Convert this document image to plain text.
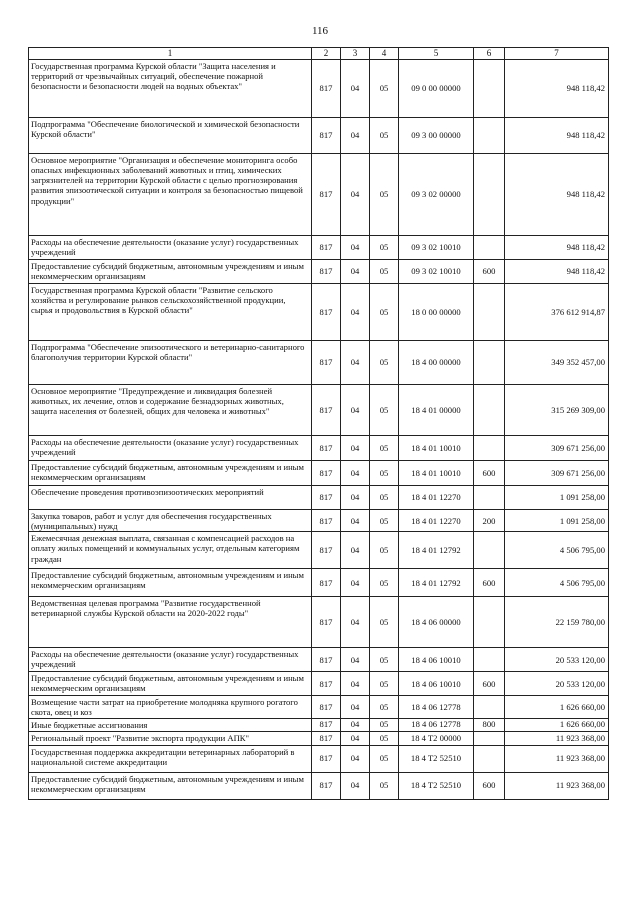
116
1	2	3	4	5	6	7
Государственная программа Курской области "Защита населения и территорий от чрезвычайных ситуаций, обеспечение пожарной безопасности и безопасности людей на водных объектах"	817	04	05	09 0 00 00000		948 118,42
Подпрограмма "Обеспечение биологической и химической безопасности Курской области"	817	04	05	09 3 00 00000		948 118,42
Основное мероприятие "Организация и обеспечение мониторинга особо опасных инфекционных заболеваний животных и птиц, химических загрязнителей на территории Курской области с целью прогнозирования развития эпизоотической ситуации и контроля за безопасностью пищевой продукции"	817	04	05	09 3 02 00000		948 118,42
Расходы на обеспечение деятельности (оказание услуг) государственных учреждений	817	04	05	09 3 02 10010		948 118,42
Предоставление субсидий бюджетным, автономным учреждениям и иным некоммерческим организациям	817	04	05	09 3 02 10010	600	948 118,42
Государственная программа Курской области "Развитие сельского хозяйства и регулирование рынков сельскохозяйственной продукции, сырья и продовольствия в Курской области"	817	04	05	18 0 00 00000		376 612 914,87
Подпрограмма "Обеспечение эпизоотического и ветеринарно-санитарного благополучия территории Курской области"	817	04	05	18 4 00 00000		349 352 457,00
Основное мероприятие "Предупреждение и ликвидация болезней животных, их лечение, отлов и содержание безнадзорных животных, защита населения от болезней, общих для человека и животных"	817	04	05	18 4 01 00000		315 269 309,00
Расходы на обеспечение деятельности (оказание услуг) государственных учреждений	817	04	05	18 4 01 10010		309 671 256,00
Предоставление субсидий бюджетным, автономным учреждениям и иным некоммерческим организациям	817	04	05	18 4 01 10010	600	309 671 256,00
Обеспечение проведения противоэпизоотических мероприятий	817	04	05	18 4 01 12270		1 091 258,00
Закупка товаров, работ и услуг для обеспечения государственных (муниципальных) нужд	817	04	05	18 4 01 12270	200	1 091 258,00
Ежемесячная денежная выплата, связанная с компенсацией расходов на оплату жилых помещений и коммунальных услуг, отдельным категориям граждан	817	04	05	18 4 01 12792		4 506 795,00
Предоставление субсидий бюджетным, автономным учреждениям и иным некоммерческим организациям	817	04	05	18 4 01 12792	600	4 506 795,00
Ведомственная целевая программа "Развитие государственной ветеринарной службы Курской области на 2020-2022 годы"	817	04	05	18 4 06 00000		22 159 780,00
Расходы на обеспечение деятельности (оказание услуг) государственных учреждений	817	04	05	18 4 06 10010		20 533 120,00
Предоставление субсидий бюджетным, автономным учреждениям и иным некоммерческим организациям	817	04	05	18 4 06 10010	600	20 533 120,00
Возмещение части затрат на приобретение молодняка крупного рогатого скота, овец и коз	817	04	05	18 4 06 12778		1 626 660,00
Иные бюджетные ассигнования	817	04	05	18 4 06 12778	800	1 626 660,00
Региональный проект "Развитие экспорта продукции АПК"	817	04	05	18 4 T2 00000		11 923 368,00
Государственная поддержка аккредитации ветеринарных лабораторий в национальной системе аккредитации	817	04	05	18 4 T2 52510		11 923 368,00
Предоставление субсидий бюджетным, автономным учреждениям и иным некоммерческим организациям	817	04	05	18 4 T2 52510	600	11 923 368,00
